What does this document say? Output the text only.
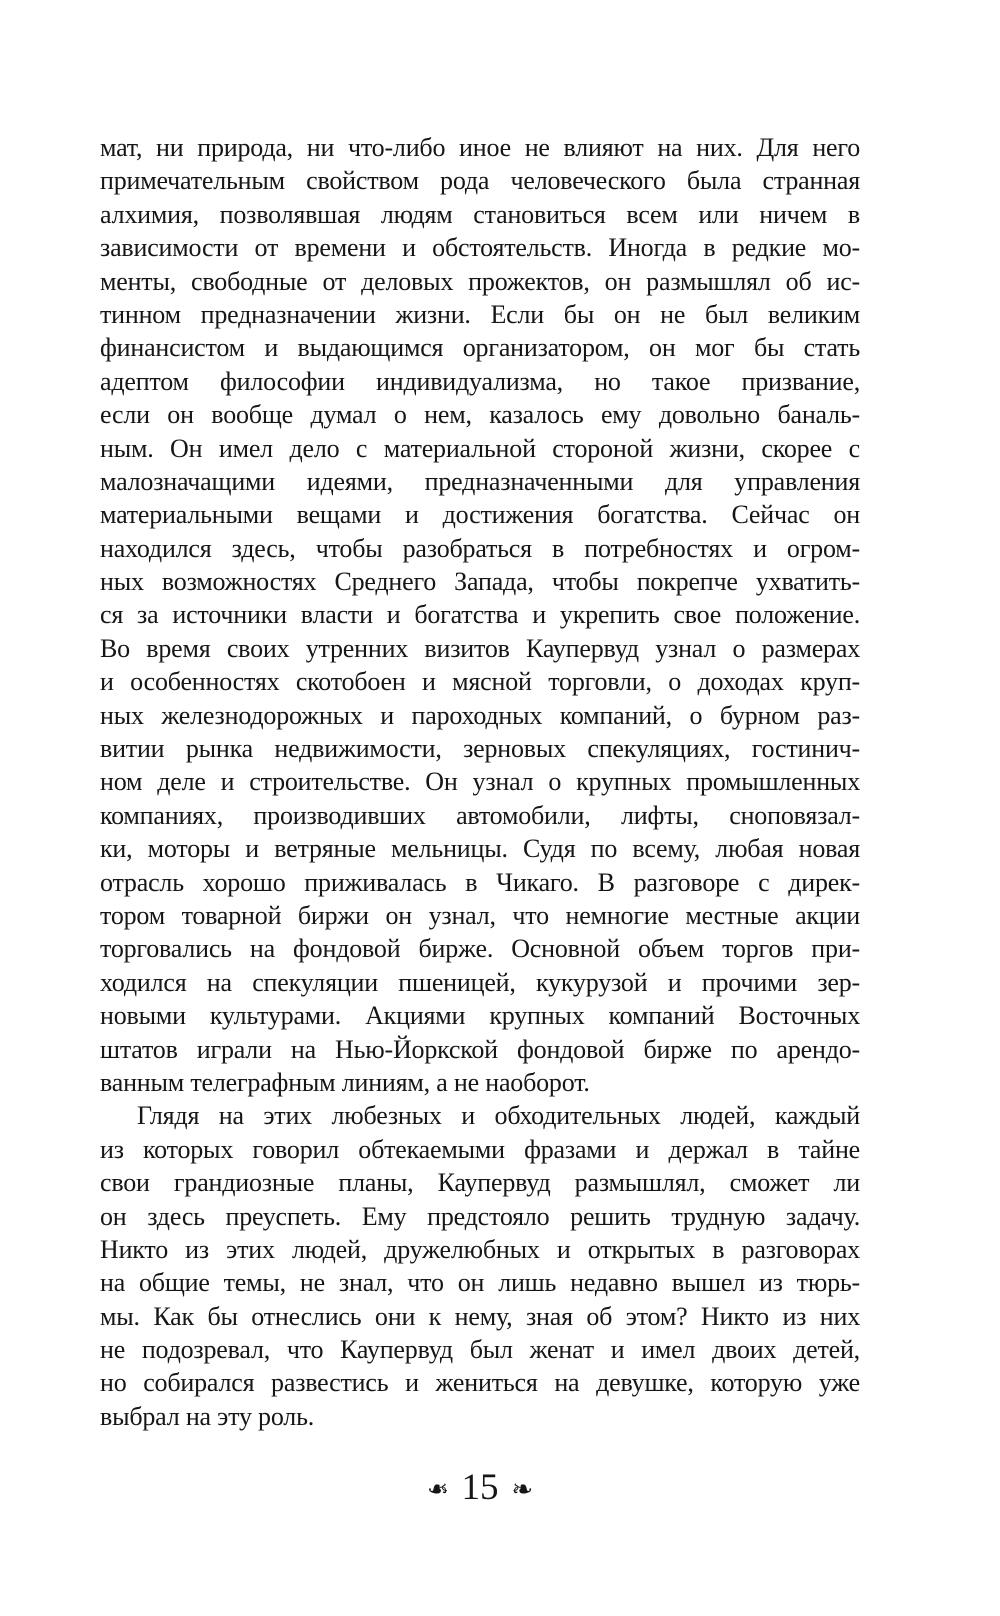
мат, ни природа, ни что-либо иное не влияют на них. Для него
примечательным свойством рода человеческого была странная
алхимия, позволявшая людям становиться всем или ничем в
зависимости от времени и обстоятельств. Иногда в редкие мо-
менты, свободные от деловых прожектов, он размышлял об ис-
тинном предназначении жизни. Если бы он не был великим
финансистом и выдающимся организатором, он мог бы стать
адептом философии индивидуализма, но такое призвание,
если он вообще думал о нем, казалось ему довольно баналь-
ным. Он имел дело с материальной стороной жизни, скорее с
малозначащими идеями, предназначенными для управления
материальными вещами и достижения богатства. Сейчас он
находился здесь, чтобы разобраться в потребностях и огром-
ных возможностях Среднего Запада, чтобы покрепче ухватить-
ся за источники власти и богатства и укрепить свое положение.
Во время своих утренних визитов Каупервуд узнал о размерах
и особенностях скотобоен и мясной торговли, о доходах круп-
ных железнодорожных и пароходных компаний, о бурном раз-
витии рынка недвижимости, зерновых спекуляциях, гостинич-
ном деле и строительстве. Он узнал о крупных промышленных
компаниях, производивших автомобили, лифты, сноповязал-
ки, моторы и ветряные мельницы. Судя по всему, любая новая
отрасль хорошо приживалась в Чикаго. В разговоре с дирек-
тором товарной биржи он узнал, что немногие местные акции
торговались на фондовой бирже. Основной объем торгов при-
ходился на спекуляции пшеницей, кукурузой и прочими зер-
новыми культурами. Акциями крупных компаний Восточных
штатов играли на Нью-Йоркской фондовой бирже по арендо-
ванным телеграфным линиям, а не наоборот.
Глядя на этих любезных и обходительных людей, каждый
из которых говорил обтекаемыми фразами и держал в тайне
свои грандиозные планы, Каупервуд размышлял, сможет ли
он здесь преуспеть. Ему предстояло решить трудную задачу.
Никто из этих людей, дружелюбных и открытых в разговорах
на общие темы, не знал, что он лишь недавно вышел из тюрь-
мы. Как бы отнеслись они к нему, зная об этом? Никто из них
не подозревал, что Каупервуд был женат и имел двоих детей,
но собирался развестись и жениться на девушке, которую уже
выбрал на эту роль.
❧ 15 ❧
